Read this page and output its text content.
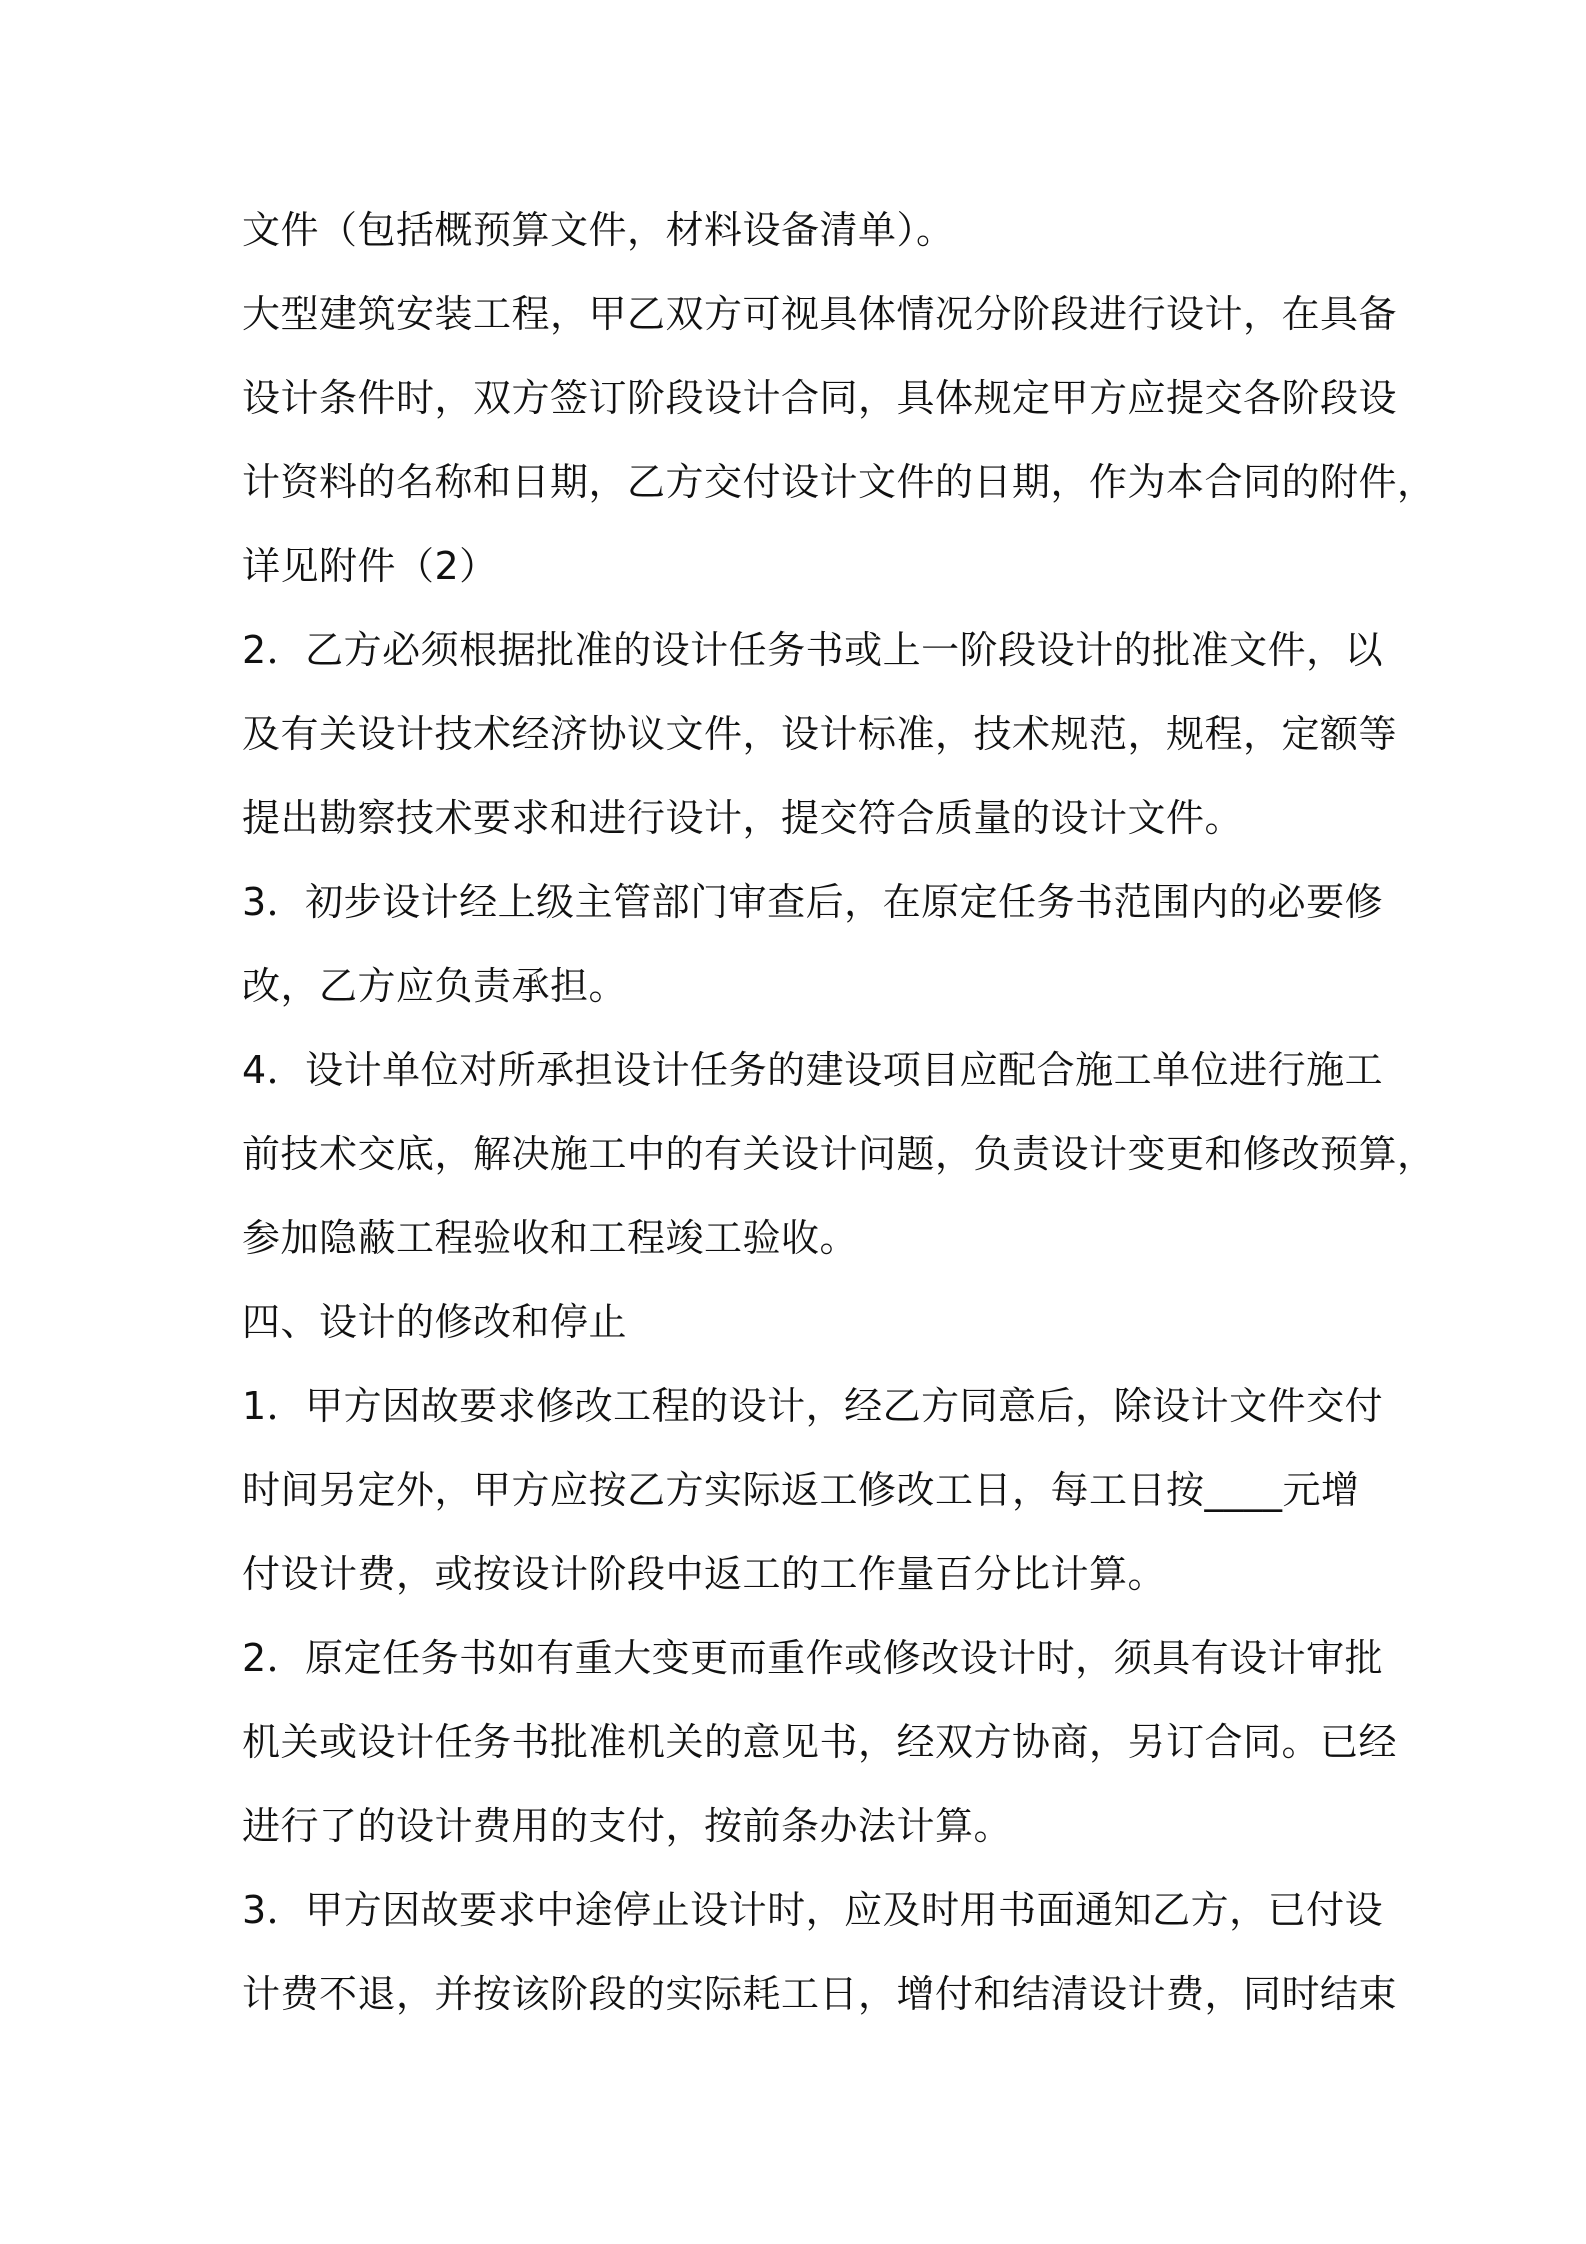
文件（包括概预算文件，材料设备清单）。
大型建筑安装工程，甲乙双方可视具体情况分阶段进行设计，在具备
设计条件时，双方签订阶段设计合同，具体规定甲方应提交各阶段设
计资料的名称和日期，乙方交付设计文件的日期，作为本合同的附件，
详见附件（2）
2．乙方必须根据批准的设计任务书或上一阶段设计的批准文件，以
及有关设计技术经济协议文件，设计标准，技术规范，规程，定额等
提出勘察技术要求和进行设计，提交符合质量的设计文件。
3．初步设计经上级主管部门审查后，在原定任务书范围内的必要修
改，乙方应负责承担。
4．设计单位对所承担设计任务的建设项目应配合施工单位进行施工
前技术交底，解决施工中的有关设计问题，负责设计变更和修改预算，
参加隐蔽工程验收和工程竣工验收。
四、设计的修改和停止
1．甲方因故要求修改工程的设计，经乙方同意后，除设计文件交付
时间另定外，甲方应按乙方实际返工修改工日，每工日按____元增
付设计费，或按设计阶段中返工的工作量百分比计算。
2．原定任务书如有重大变更而重作或修改设计时，须具有设计审批
机关或设计任务书批准机关的意见书，经双方协商，另订合同。已经
进行了的设计费用的支付，按前条办法计算。
3．甲方因故要求中途停止设计时，应及时用书面通知乙方，已付设
计费不退，并按该阶段的实际耗工日，增付和结清设计费，同时结束
